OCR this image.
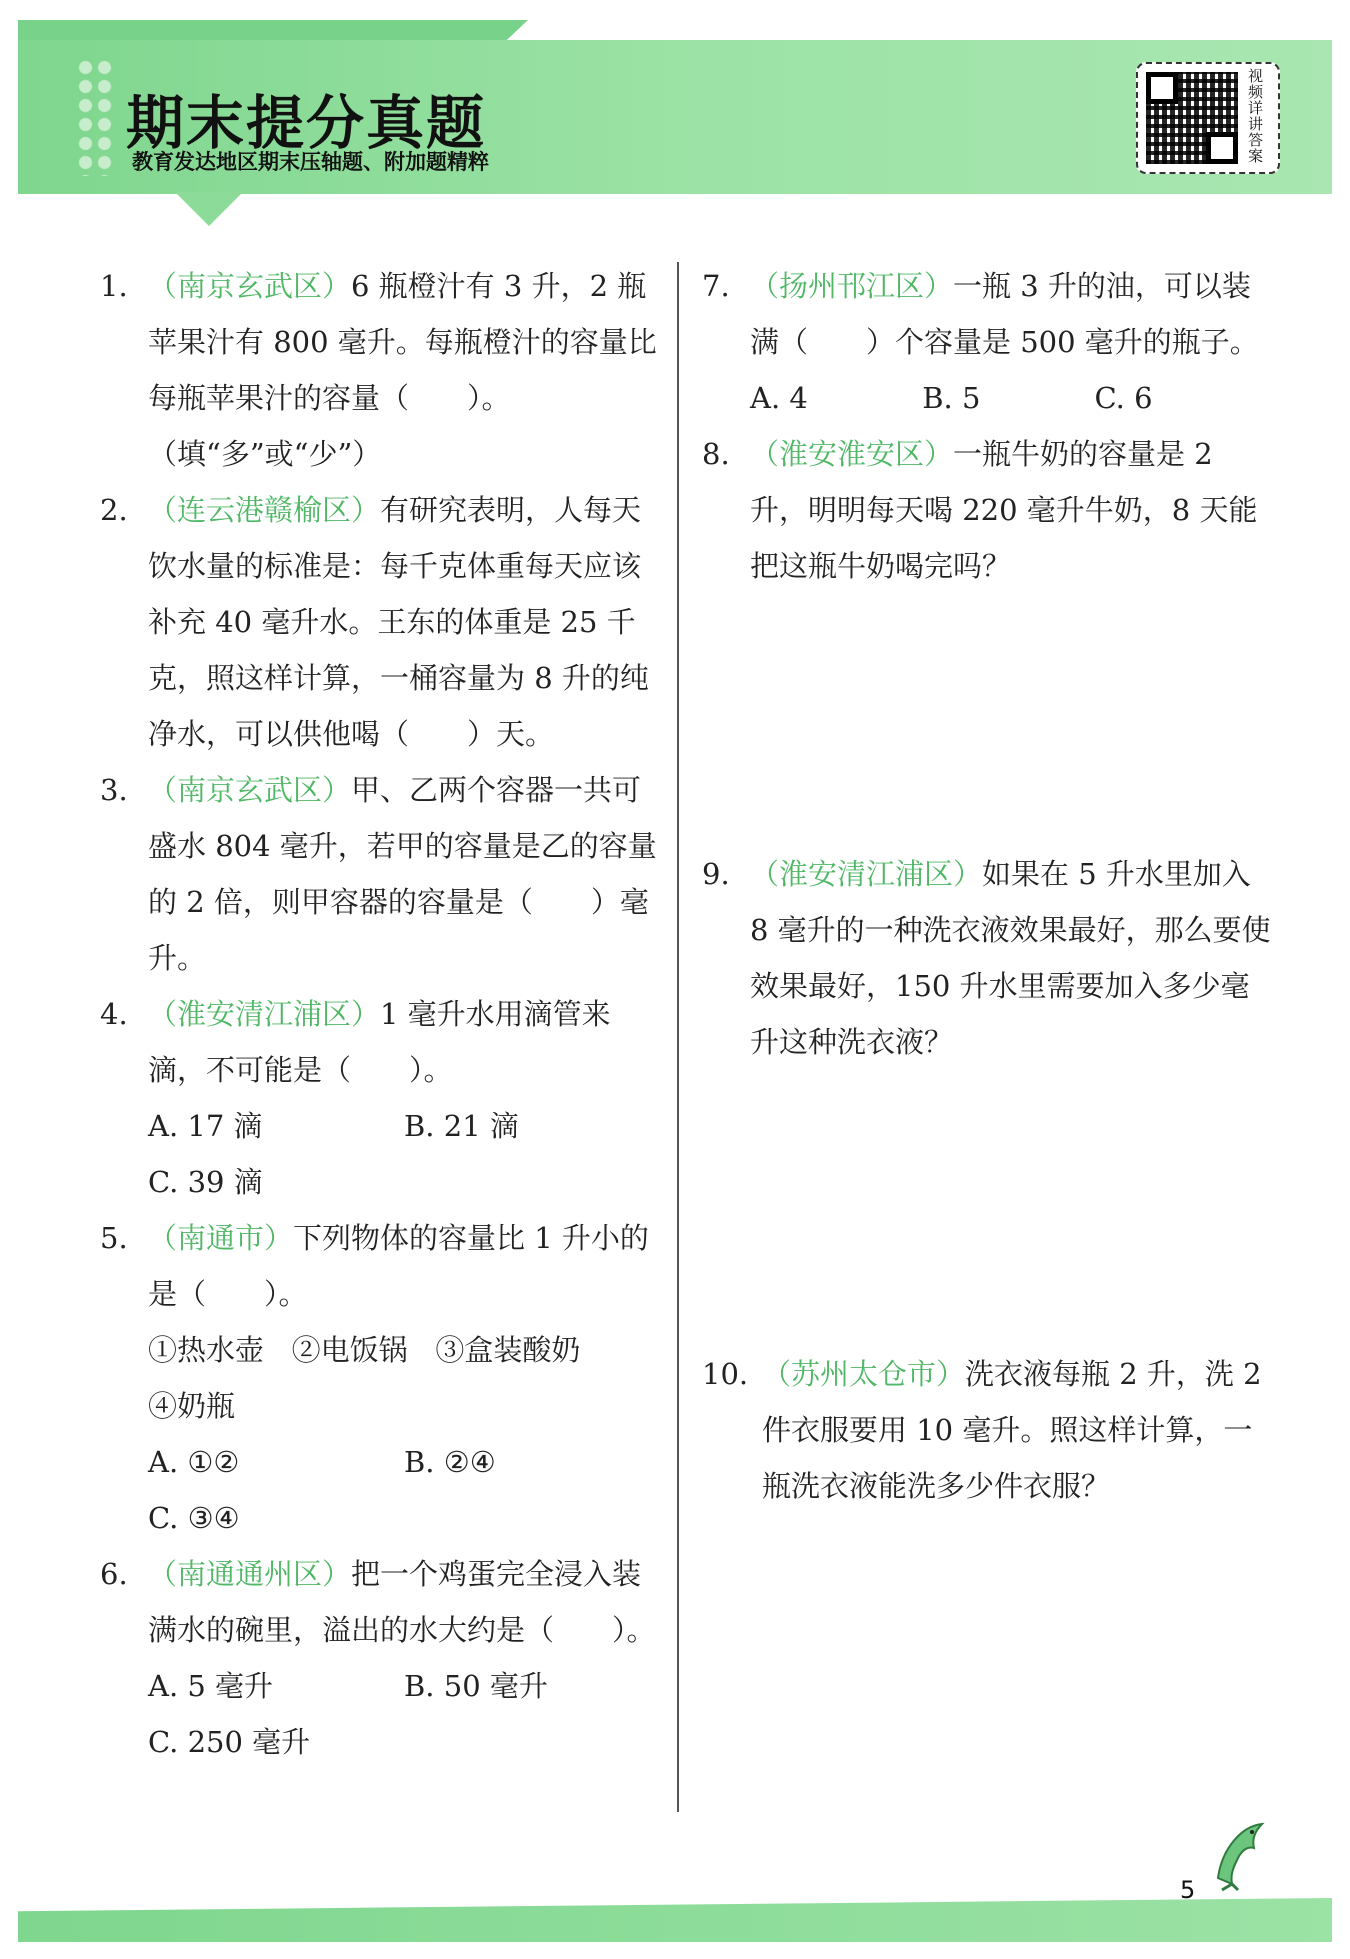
期末提分真题
教育发达地区期末压轴题、附加题精粹
视频详讲答案
1. （南京玄武区）6 瓶橙汁有 3 升，2 瓶苹果汁有 800 毫升。每瓶橙汁的容量比每瓶苹果汁的容量（　　）。（填“多”或“少”）
2. （连云港赣榆区）有研究表明，人每天饮水量的标准是：每千克体重每天应该补充 40 毫升水。王东的体重是 25 千克，照这样计算，一桶容量为 8 升的纯净水，可以供他喝（　　）天。
3. （南京玄武区）甲、乙两个容器一共可盛水 804 毫升，若甲的容量是乙的容量的 2 倍，则甲容器的容量是（　　）毫升。
4. （淮安清江浦区）1 毫升水用滴管来滴，不可能是（　　）。
A. 17 滴	B. 21 滴
C. 39 滴
5. （南通市）下列物体的容量比 1 升小的是（　　）。
①热水壶 ②电饭锅 ③盒装酸奶
④奶瓶
A. ①②	B. ②④
C. ③④
6. （南通通州区）把一个鸡蛋完全浸入装满水的碗里，溢出的水大约是（　　）。
A. 5 毫升	B. 50 毫升
C. 250 毫升
7. （扬州邗江区）一瓶 3 升的油，可以装满（　　）个容量是 500 毫升的瓶子。
A. 4	B. 5	C. 6
8. （淮安淮安区）一瓶牛奶的容量是 2 升，明明每天喝 220 毫升牛奶，8 天能把这瓶牛奶喝完吗？
9. （淮安清江浦区）如果在 5 升水里加入 8 毫升的一种洗衣液效果最好，那么要使效果最好，150 升水里需要加入多少毫升这种洗衣液？
10. （苏州太仓市）洗衣液每瓶 2 升，洗 2 件衣服要用 10 毫升。照这样计算，一瓶洗衣液能洗多少件衣服？
5
